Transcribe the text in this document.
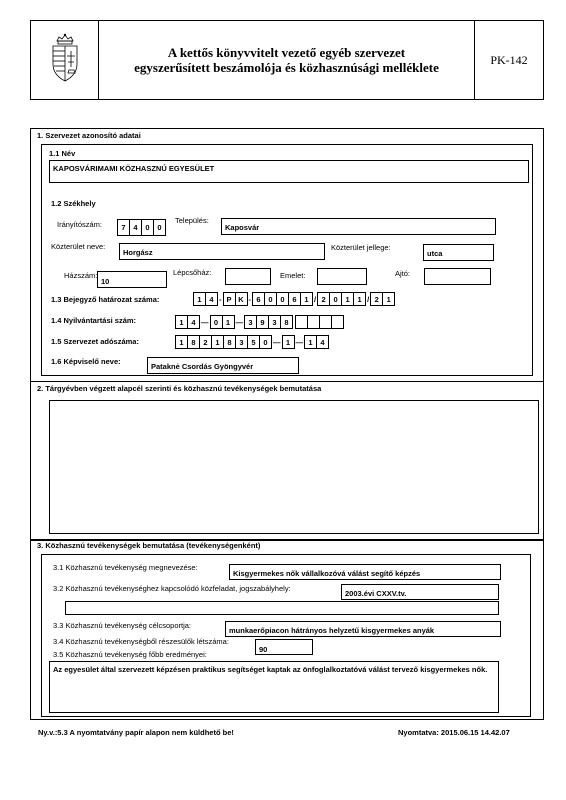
A kettős könyvvitelt vezető egyéb szervezet
egyszerűsített beszámolója és közhasznúsági melléklete
PK-142
1. Szervezet azonosító adatai
1.1 Név
KAPOSVÁRIMAMI KÖZHASZNÚ EGYESÜLET
1.2 Székhely
Irányítószám:	7	4	0	0
Település:
Kaposvár
Közterület neve:
Horgász
Közterület jellege:
utca
Házszám:
10
Lépcsőház:	Emelet:	Ajtó:
1.3 Bejegyző határozat száma:	1	4 - P K - 6	0	0	6	1 / 2	0	1	1 / 2	1
1.4 Nyilvántartási szám:	1	4 — 0	1 — 3	9	3	8
1.5 Szervezet adószáma:	1	8	2	1	8	3	5	0 — 1 — 1	4
1.6 Képviselő neve:
Pataknė Csordás Gyöngyvér
2. Tárgyévben végzett alapcél szerinti és közhasznú tevékenységek bemutatása
3. Közhasznú tevékenységek bemutatása (tevékenységenként)
3.1 Közhasznú tevékenység megnevezése:
Kisgyermekes nők vállalkozóvá válást segítő képzés
3.2 Közhasznú tevékenységhez kapcsolódó közfeladat, jogszabályhely:
2003.évi CXXV.tv.
3.3 Közhasznú tevékenység célcsoportja:
munkaerőpiacon hátrányos helyzetű kisgyermekes anyák
3.4 Közhasznú tevékenységből részesülők létszáma:
90
3.5 Közhasznú tevékenység főbb eredményei:
Az egyesület által szervezett képzésen praktikus segítséget kaptak az önfoglalkoztatóvá válást tervező kisgyermekes nők.
Ny.v.:5.3 A nyomtatvány papír alapon nem küldhető be!	Nyomtatva: 2015.06.15 14.42.07
